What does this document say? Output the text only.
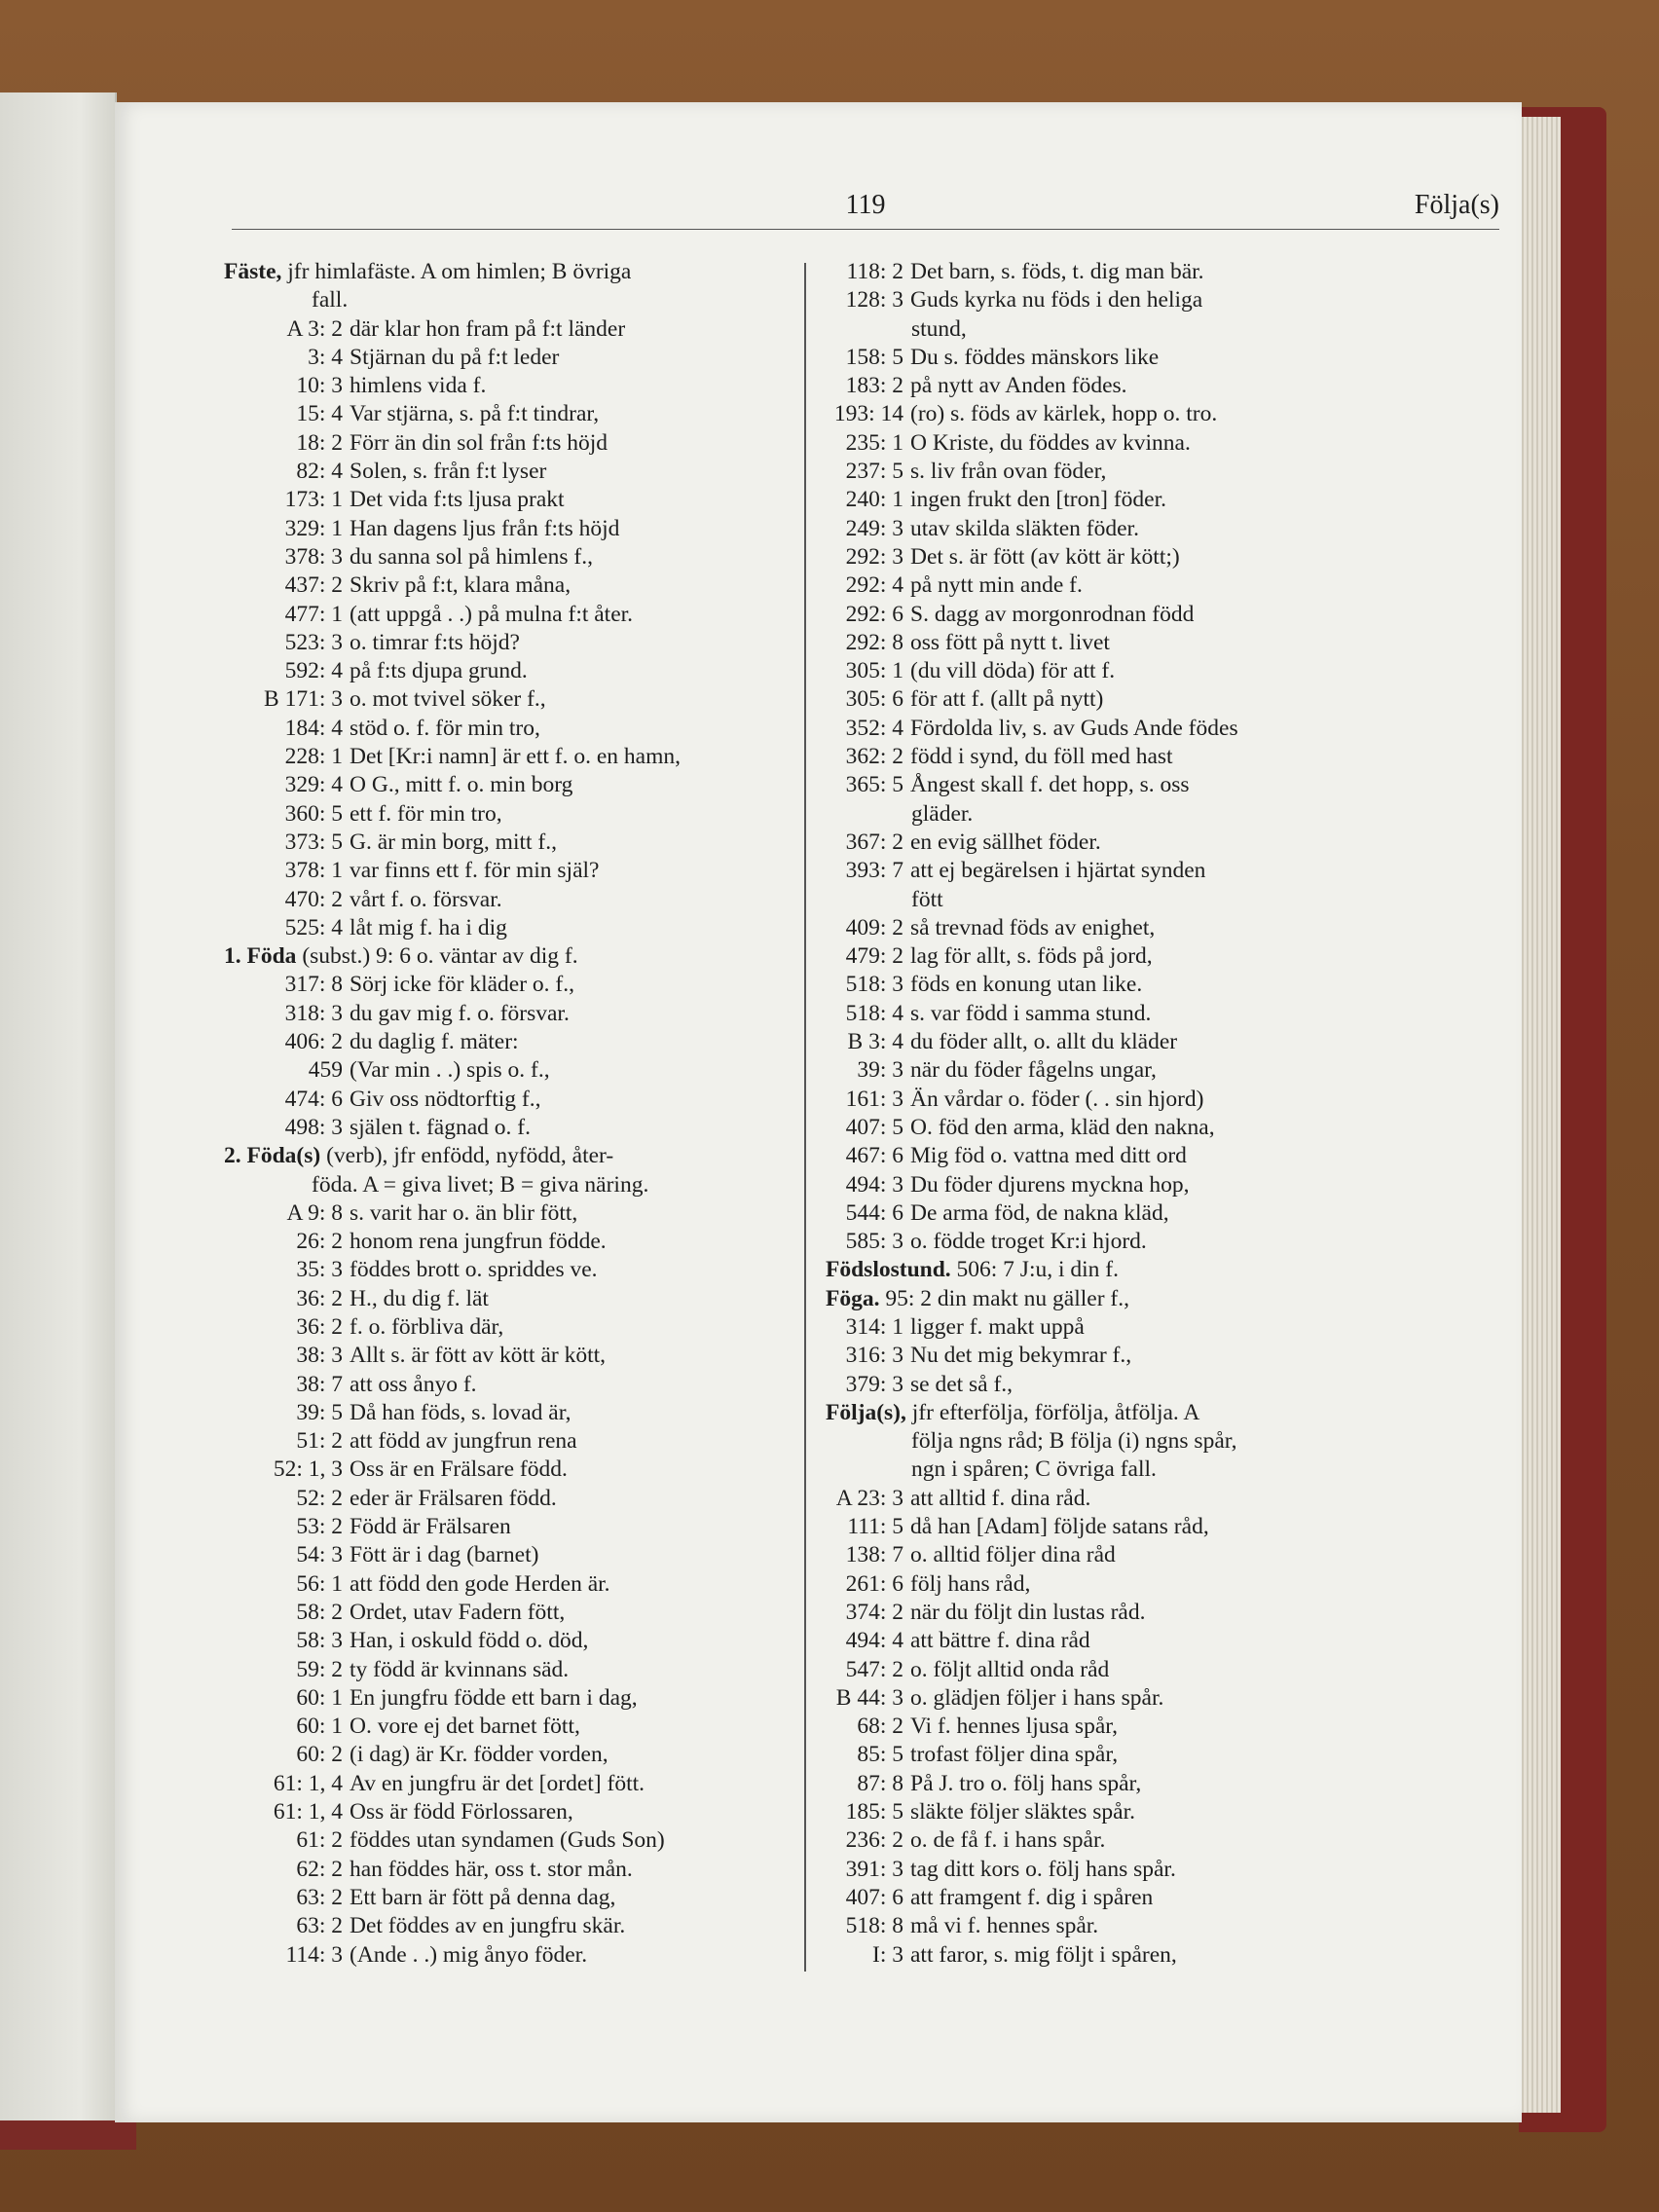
119	Följa(s)
Fäste, jfr himlafäste. A om himlen; B övriga
fall.
A 3: 2 där klar hon fram på f:t länder
3: 4 Stjärnan du på f:t leder
10: 3 himlens vida f.
15: 4 Var stjärna, s. på f:t tindrar,
18: 2 Förr än din sol från f:ts höjd
82: 4 Solen, s. från f:t lyser
173: 1 Det vida f:ts ljusa prakt
329: 1 Han dagens ljus från f:ts höjd
378: 3 du sanna sol på himlens f.,
437: 2 Skriv på f:t, klara måna,
477: 1 (att uppgå . .) på mulna f:t åter.
523: 3 o. timrar f:ts höjd?
592: 4 på f:ts djupa grund.
B 171: 3 o. mot tvivel söker f.,
184: 4 stöd o. f. för min tro,
228: 1 Det [Kr:i namn] är ett f. o. en hamn,
329: 4 O G., mitt f. o. min borg
360: 5 ett f. för min tro,
373: 5 G. är min borg, mitt f.,
378: 1 var finns ett f. för min själ?
470: 2 vårt f. o. försvar.
525: 4 låt mig f. ha i dig
1. Föda (subst.) 9: 6 o. väntar av dig f.
317: 8 Sörj icke för kläder o. f.,
318: 3 du gav mig f. o. försvar.
406: 2 du daglig f. mäter:
459 (Var min . .) spis o. f.,
474: 6 Giv oss nödtorftig f.,
498: 3 själen t. fägnad o. f.
2. Föda(s) (verb), jfr enfödd, nyfödd, åter-
föda. A = giva livet; B = giva näring.
A 9: 8 s. varit har o. än blir fött,
26: 2 honom rena jungfrun födde.
35: 3 föddes brott o. spriddes ve.
36: 2 H., du dig f. lät
36: 2 f. o. förbliva där,
38: 3 Allt s. är fött av kött är kött,
38: 7 att oss ånyo f.
39: 5 Då han föds, s. lovad är,
51: 2 att född av jungfrun rena
52: 1, 3 Oss är en Frälsare född.
52: 2 eder är Frälsaren född.
53: 2 Född är Frälsaren
54: 3 Fött är i dag (barnet)
56: 1 att född den gode Herden är.
58: 2 Ordet, utav Fadern fött,
58: 3 Han, i oskuld född o. död,
59: 2 ty född är kvinnans säd.
60: 1 En jungfru födde ett barn i dag,
60: 1 O. vore ej det barnet fött,
60: 2 (i dag) är Kr. födder vorden,
61: 1, 4 Av en jungfru är det [ordet] fött.
61: 1, 4 Oss är född Förlossaren,
61: 2 föddes utan syndamen (Guds Son)
62: 2 han föddes här, oss t. stor mån.
63: 2 Ett barn är fött på denna dag,
63: 2 Det föddes av en jungfru skär.
114: 3 (Ande . .) mig ånyo föder.
118: 2 Det barn, s. föds, t. dig man bär.
128: 3 Guds kyrka nu föds i den heliga
stund,
158: 5 Du s. föddes mänskors like
183: 2 på nytt av Anden födes.
193: 14 (ro) s. föds av kärlek, hopp o. tro.
235: 1 O Kriste, du föddes av kvinna.
237: 5 s. liv från ovan föder,
240: 1 ingen frukt den [tron] föder.
249: 3 utav skilda släkten föder.
292: 3 Det s. är fött (av kött är kött;)
292: 4 på nytt min ande f.
292: 6 S. dagg av morgonrodnan född
292: 8 oss fött på nytt t. livet
305: 1 (du vill döda) för att f.
305: 6 för att f. (allt på nytt)
352: 4 Fördolda liv, s. av Guds Ande födes
362: 2 född i synd, du föll med hast
365: 5 Ångest skall f. det hopp, s. oss
gläder.
367: 2 en evig sällhet föder.
393: 7 att ej begärelsen i hjärtat synden
fött
409: 2 så trevnad föds av enighet,
479: 2 lag för allt, s. föds på jord,
518: 3 föds en konung utan like.
518: 4 s. var född i samma stund.
B 3: 4 du föder allt, o. allt du kläder
39: 3 när du föder fågelns ungar,
161: 3 Än vårdar o. föder (. . sin hjord)
407: 5 O. föd den arma, kläd den nakna,
467: 6 Mig föd o. vattna med ditt ord
494: 3 Du föder djurens myckna hop,
544: 6 De arma föd, de nakna kläd,
585: 3 o. födde troget Kr:i hjord.
Födslostund. 506: 7 J:u, i din f.
Föga. 95: 2 din makt nu gäller f.,
314: 1 ligger f. makt uppå
316: 3 Nu det mig bekymrar f.,
379: 3 se det så f.,
Följa(s), jfr efterfölja, förfölja, åtfölja. A
följa ngns råd; B följa (i) ngns spår,
ngn i spåren; C övriga fall.
A 23: 3 att alltid f. dina råd.
111: 5 då han [Adam] följde satans råd,
138: 7 o. alltid följer dina råd
261: 6 följ hans råd,
374: 2 när du följt din lustas råd.
494: 4 att bättre f. dina råd
547: 2 o. följt alltid onda råd
B 44: 3 o. glädjen följer i hans spår.
68: 2 Vi f. hennes ljusa spår,
85: 5 trofast följer dina spår,
87: 8 På J. tro o. följ hans spår,
185: 5 släkte följer släktes spår.
236: 2 o. de få f. i hans spår.
391: 3 tag ditt kors o. följ hans spår.
407: 6 att framgent f. dig i spåren
518: 8 må vi f. hennes spår.
I: 3 att faror, s. mig följt i spåren,
